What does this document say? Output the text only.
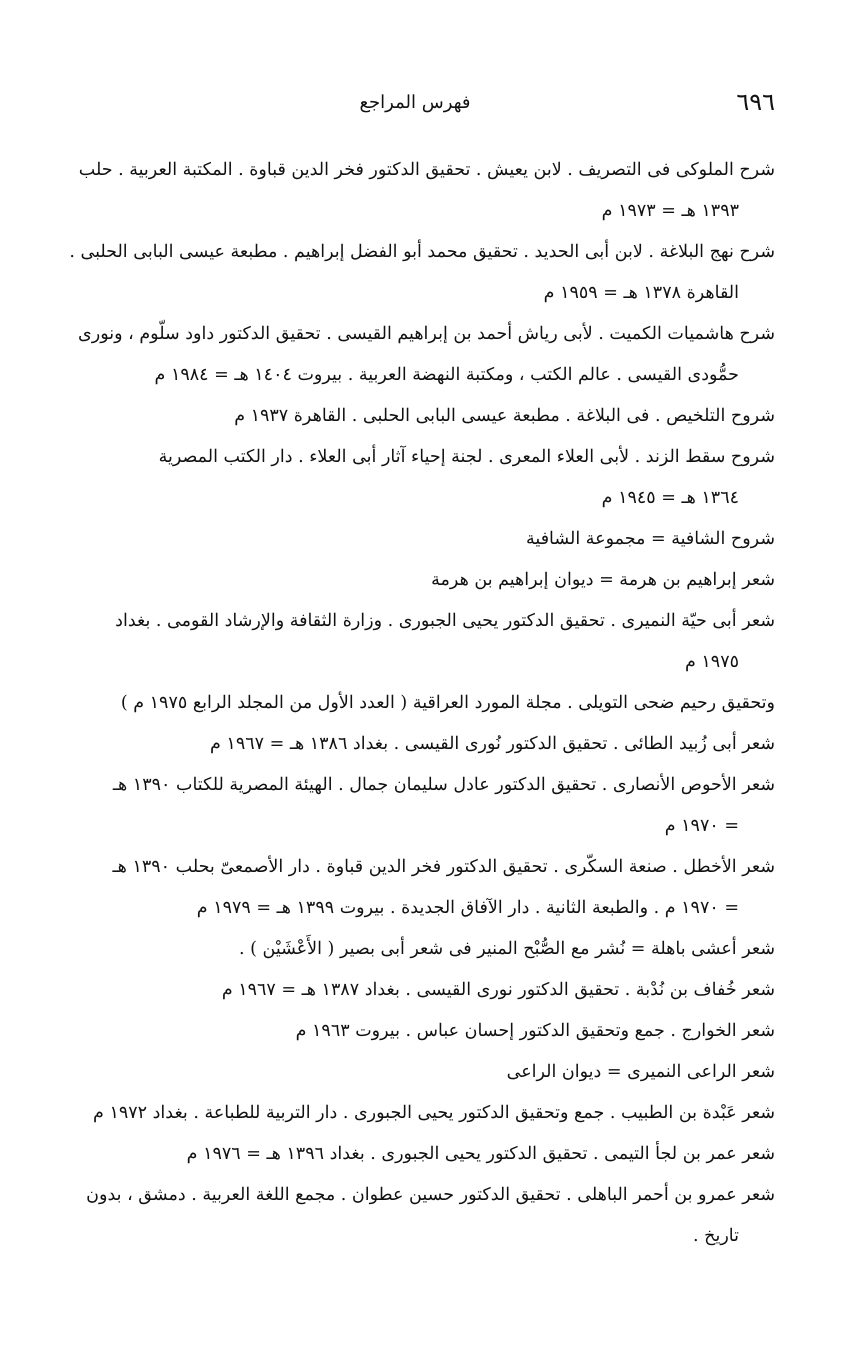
٦٩٦
فهرس المراجع

شرح الملوكى فى التصريف . لابن يعيش . تحقيق الدكتور فخر الدين قباوة . المكتبة العربية . حلب
١٣٩٣ هـ = ١٩٧٣ م

شرح نهج البلاغة . لابن أبى الحديد . تحقيق محمد أبو الفضل إبراهيم . مطبعة عيسى البابى الحلبى .
القاهرة ١٣٧٨ هـ = ١٩٥٩ م

شرح هاشميات الكميت . لأبى رياش أحمد بن إبراهيم القيسى . تحقيق الدكتور داود سلّوم ، ونورى
حمُّودى القيسى . عالم الكتب ، ومكتبة النهضة العربية . بيروت ١٤٠٤ هـ = ١٩٨٤ م

شروح التلخيص . فى البلاغة . مطبعة عيسى البابى الحلبى . القاهرة ١٩٣٧ م

شروح سقط الزند . لأبى العلاء المعرى . لجنة إحياء آثار أبى العلاء . دار الكتب المصرية
١٣٦٤ هـ = ١٩٤٥ م

شروح الشافية = مجموعة الشافية

شعر إبراهيم بن هرمة = ديوان إبراهيم بن هرمة

شعر أبى حيّة النميرى . تحقيق الدكتور يحيى الجبورى . وزارة الثقافة والإرشاد القومى . بغداد
١٩٧٥ م

وتحقيق رحيم ضحى التويلى . مجلة المورد العراقية ( العدد الأول من المجلد الرابع ١٩٧٥ م )

شعر أبى زُبيد الطائى . تحقيق الدكتور نُورى القيسى . بغداد ١٣٨٦ هـ = ١٩٦٧ م

شعر الأحوص الأنصارى . تحقيق الدكتور عادل سليمان جمال . الهيئة المصرية للكتاب ١٣٩٠ هـ
= ١٩٧٠ م

شعر الأخطل . صنعة السكّرى . تحقيق الدكتور فخر الدين قباوة . دار الأصمعىّ بحلب ١٣٩٠ هـ
= ١٩٧٠ م . والطبعة الثانية . دار الآفاق الجديدة . بيروت ١٣٩٩ هـ = ١٩٧٩ م

شعر أعشى باهلة = نُشر مع الصُّبْح المنير فى شعر أبى بصير ( الأَعْشَيْن ) .

شعر خُفاف بن نُدْبة . تحقيق الدكتور نورى القيسى . بغداد ١٣٨٧ هـ = ١٩٦٧ م

شعر الخوارج . جمع وتحقيق الدكتور إحسان عباس . بيروت ١٩٦٣ م

شعر الراعى النميرى = ديوان الراعى

شعر عَبْدة بن الطبيب . جمع وتحقيق الدكتور يحيى الجبورى . دار التربية للطباعة . بغداد ١٩٧٢ م

شعر عمر بن لجأ التيمى . تحقيق الدكتور يحيى الجبورى . بغداد ١٣٩٦ هـ = ١٩٧٦ م

شعر عمرو بن أحمر الباهلى . تحقيق الدكتور حسين عطوان . مجمع اللغة العربية . دمشق ، بدون
تاريخ .
